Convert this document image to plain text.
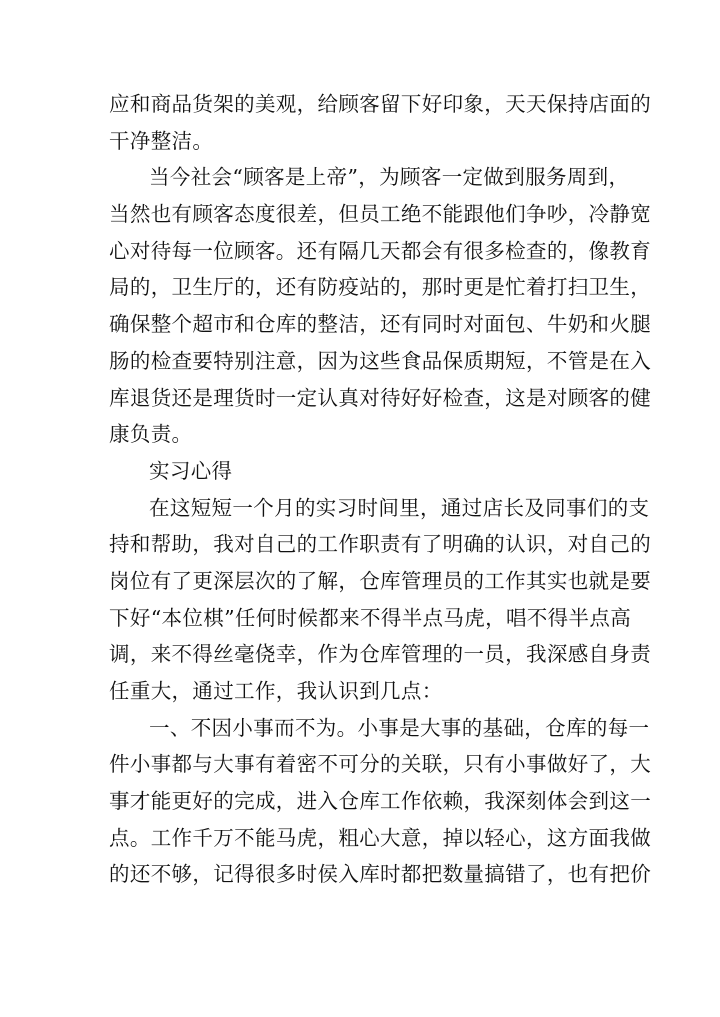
应和商品货架的美观，给顾客留下好印象，天天保持店面的
干净整洁。
当今社会“顾客是上帝”，为顾客一定做到服务周到，
当然也有顾客态度很差，但员工绝不能跟他们争吵，冷静宽
心对待每一位顾客。还有隔几天都会有很多检查的，像教育
局的，卫生厅的，还有防疫站的，那时更是忙着打扫卫生，
确保整个超市和仓库的整洁，还有同时对面包、牛奶和火腿
肠的检查要特别注意，因为这些食品保质期短，不管是在入
库退货还是理货时一定认真对待好好检查，这是对顾客的健
康负责。
实习心得
在这短短一个月的实习时间里，通过店长及同事们的支
持和帮助，我对自己的工作职责有了明确的认识，对自己的
岗位有了更深层次的了解，仓库管理员的工作其实也就是要
下好“本位棋”任何时候都来不得半点马虎，唱不得半点高
调，来不得丝毫侥幸，作为仓库管理的一员，我深感自身责
任重大，通过工作，我认识到几点：
一、不因小事而不为。小事是大事的基础，仓库的每一
件小事都与大事有着密不可分的关联，只有小事做好了，大
事才能更好的完成，进入仓库工作依赖，我深刻体会到这一
点。工作千万不能马虎，粗心大意，掉以轻心，这方面我做
的还不够，记得很多时侯入库时都把数量搞错了，也有把价
